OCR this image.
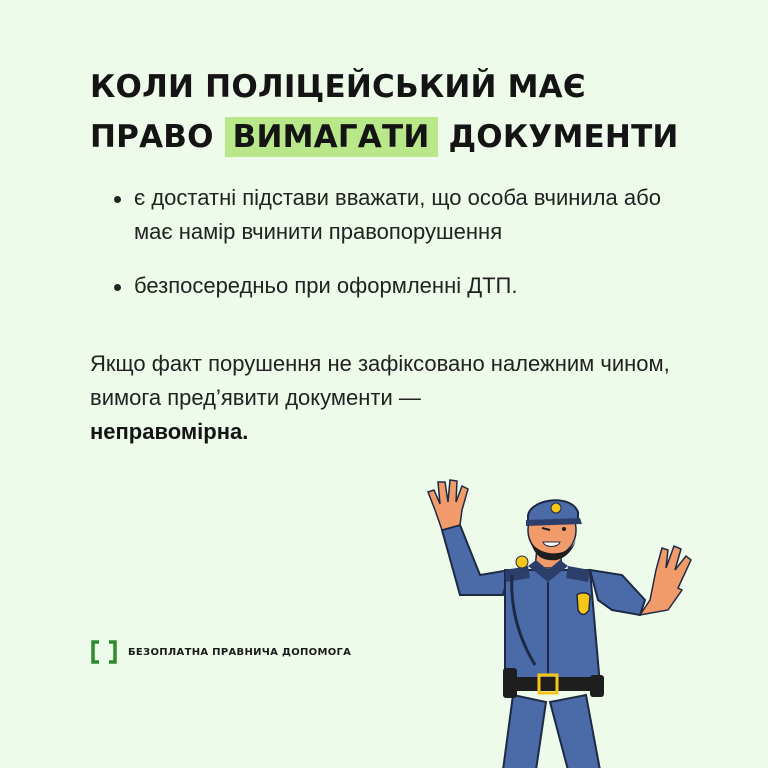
КОЛИ ПОЛІЦЕЙСЬКИЙ МАЄ
ПРАВО ВИМАГАТИ ДОКУМЕНТИ
є достатні підстави вважати, що особа вчинила або має намір вчинити правопорушення
безпосередньо при оформленні ДТП.

Якщо факт порушення не зафіксовано належним чином, вимога пред’явити документи —
неправомірна.

БЕЗОПЛАТНА ПРАВНИЧА ДОПОМОГА
